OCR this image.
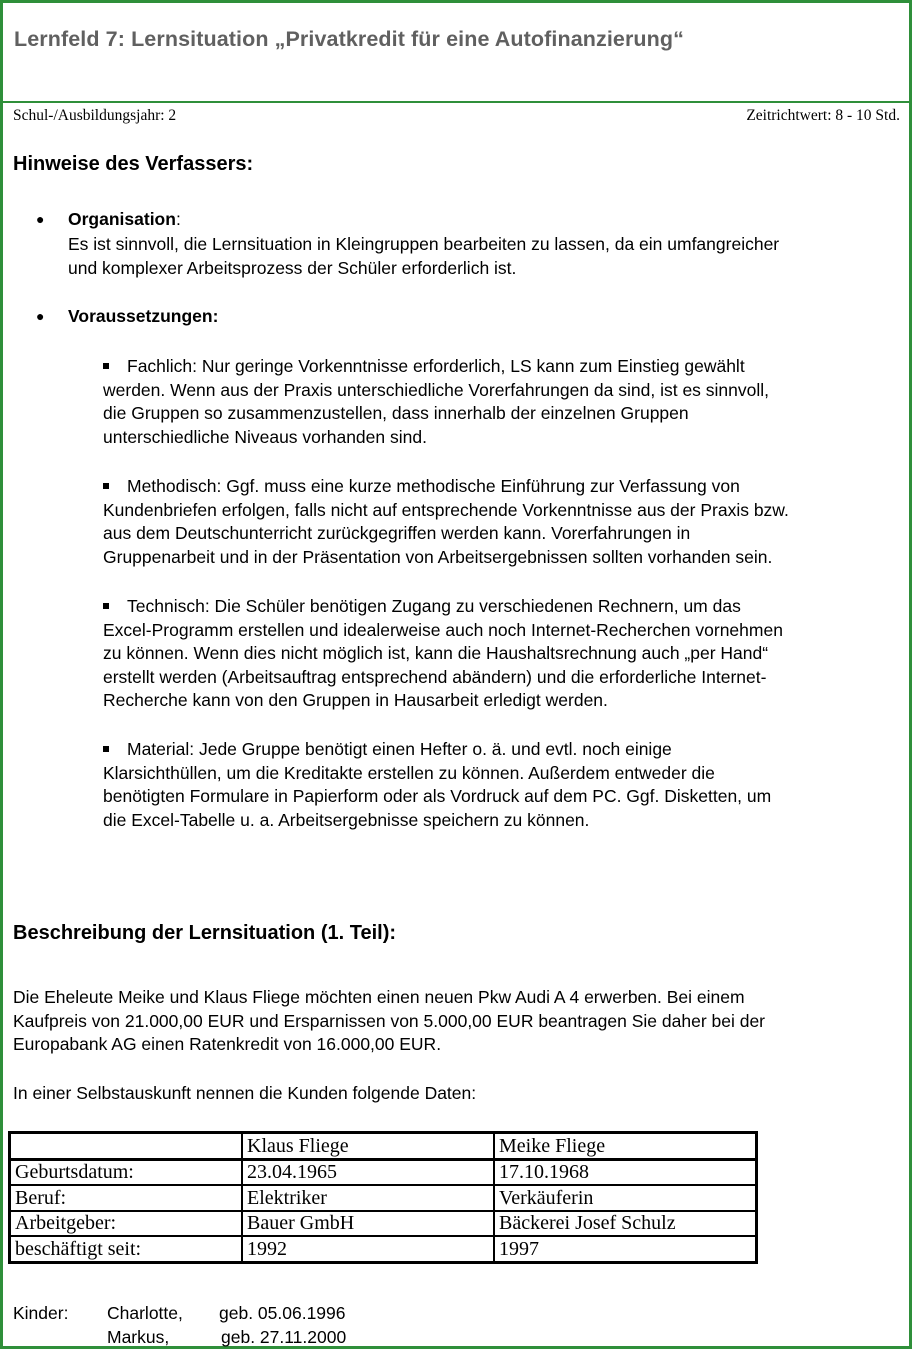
Lernfeld 7: Lernsituation „Privatkredit für eine Autofinanzierung“
Schul-/Ausbildungsjahr: 2	Zeitrichtwert: 8 - 10 Std.
Hinweise des Verfassers:
● Organisation:
Es ist sinnvoll, die Lernsituation in Kleingruppen bearbeiten zu lassen, da ein umfangreicher
und komplexer Arbeitsprozess der Schüler erforderlich ist.
● Voraussetzungen:
Fachlich: Nur geringe Vorkenntnisse erforderlich, LS kann zum Einstieg gewählt
werden. Wenn aus der Praxis unterschiedliche Vorerfahrungen da sind, ist es sinnvoll,
die Gruppen so zusammenzustellen, dass innerhalb der einzelnen Gruppen
unterschiedliche Niveaus vorhanden sind.
Methodisch: Ggf. muss eine kurze methodische Einführung zur Verfassung von
Kundenbriefen erfolgen, falls nicht auf entsprechende Vorkenntnisse aus der Praxis bzw.
aus dem Deutschunterricht zurückgegriffen werden kann. Vorerfahrungen in
Gruppenarbeit und in der Präsentation von Arbeitsergebnissen sollten vorhanden sein.
Technisch: Die Schüler benötigen Zugang zu verschiedenen Rechnern, um das
Excel-Programm erstellen und idealerweise auch noch Internet-Recherchen vornehmen
zu können. Wenn dies nicht möglich ist, kann die Haushaltsrechnung auch „per Hand“
erstellt werden (Arbeitsauftrag entsprechend abändern) und die erforderliche Internet-
Recherche kann von den Gruppen in Hausarbeit erledigt werden.
Material: Jede Gruppe benötigt einen Hefter o. ä. und evtl. noch einige
Klarsichthüllen, um die Kreditakte erstellen zu können. Außerdem entweder die
benötigten Formulare in Papierform oder als Vordruck auf dem PC. Ggf. Disketten, um
die Excel-Tabelle u. a. Arbeitsergebnisse speichern zu können.
Beschreibung der Lernsituation (1. Teil):
Die Eheleute Meike und Klaus Fliege möchten einen neuen Pkw Audi A 4 erwerben. Bei einem
Kaufpreis von 21.000,00 EUR und Ersparnissen von 5.000,00 EUR beantragen Sie daher bei der
Europabank AG einen Ratenkredit von 16.000,00 EUR.
In einer Selbstauskunft nennen die Kunden folgende Daten:
	Klaus Fliege	Meike Fliege
Geburtsdatum:	23.04.1965	17.10.1968
Beruf:	Elektriker	Verkäuferin
Arbeitgeber:	Bauer GmbH	Bäckerei Josef Schulz
beschäftigt seit:	1992	1997
Kinder: Charlotte, geb. 05.06.1996
Markus,	geb. 27.11.2000
